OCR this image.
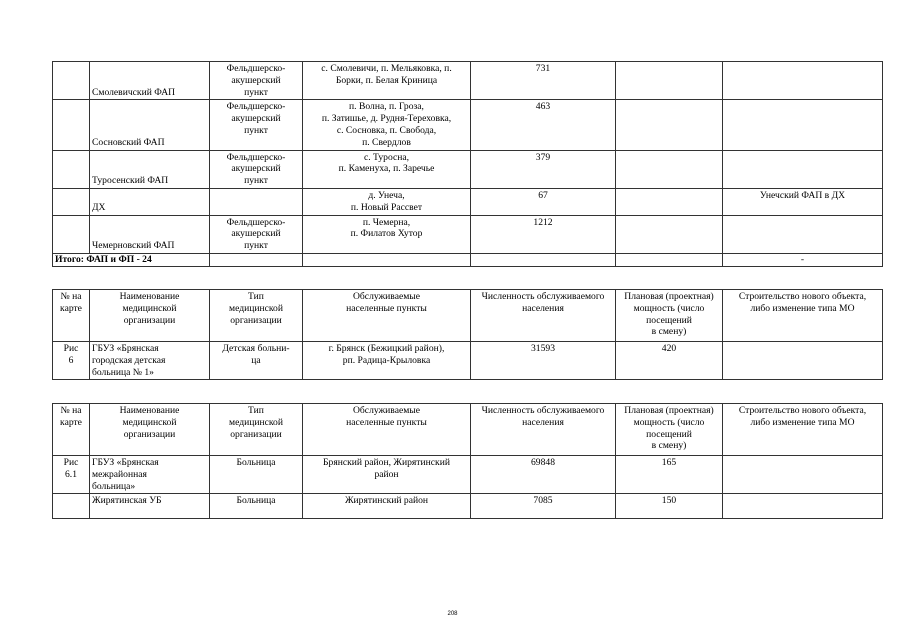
	Смолевичский ФАП	Фельдшерско-
акушерский
пункт	с. Смолевичи, п. Мельяковка, п.
Борки, п. Белая Криница	731		
	Сосновский ФАП	Фельдшерско-
акушерский
пункт	п. Волна, п. Гроза,
п. Затишье, д. Рудня-Тереховка,
с. Сосновка, п. Свобода,
п. Свердлов	463		
	Туросенский ФАП	Фельдшерско-
акушерский
пункт	с. Туросна,
п. Каменуха, п. Заречье	379		
	ДХ		д. Унеча,
п. Новый Рассвет	67		Унечский ФАП в ДХ
	Чемерновский ФАП	Фельдшерско-
акушерский
пункт	п. Чемерна,
п. Филатов Хутор	1212		
Итого: ФАП и ФП - 24						-
№ на
карте	Наименование
медицинской
организации	Тип
медицинской
организации	Обслуживаемые
населенные пункты	Численность обслуживаемого
населения	Плановая (проектная)
мощность (число
посещений
в смену)	Строительство нового объекта,
либо изменение типа МО

Рис
6	ГБУЗ «Брянская
городская детская
больница № 1»	Детская больни-
ца	г. Брянск (Бежицкий район),
рп. Радица-Крыловка	31593	420	
№ на
карте	Наименование
медицинской
организации	Тип
медицинской
организации	Обслуживаемые
населенные пункты	Численность обслуживаемого
населения	Плановая (проектная)
мощность (число
посещений
в смену)	Строительство нового объекта,
либо изменение типа МО

Рис
6.1	ГБУЗ «Брянская
межрайонная
больница»	Больница	Брянский район, Жирятинский
район	69848	165	

	Жирятинская УБ	Больница	Жирятинский район	7085	150	
208
